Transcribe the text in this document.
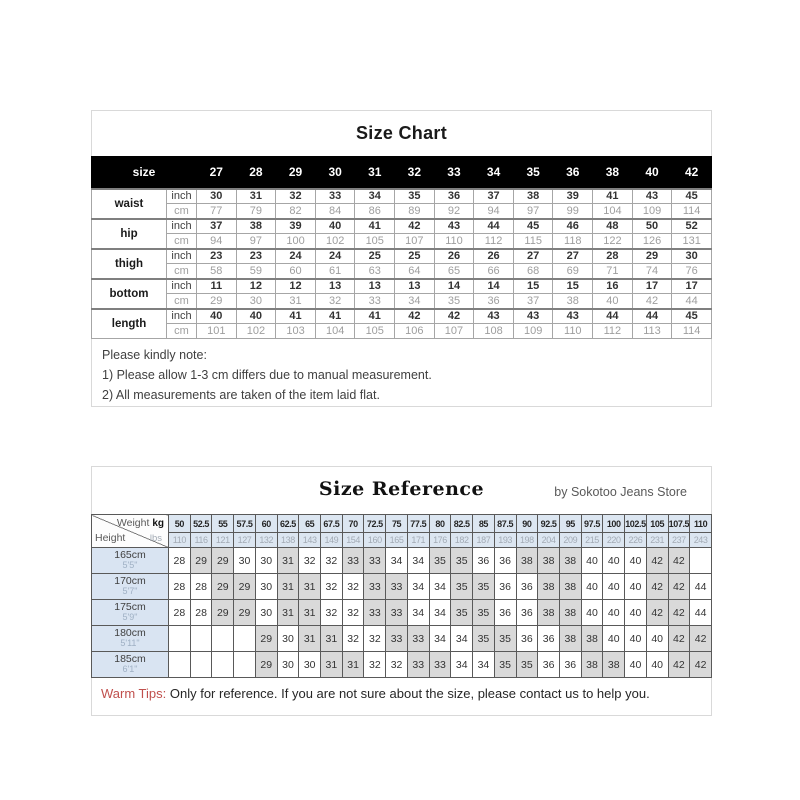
Size Chart
size		27	28	29	30	31	32	33	34	35	36	38	40	42
waist	inch	30	31	32	33	34	35	36	37	38	39	41	43	45
	cm	77	79	82	84	86	89	92	94	97	99	104	109	114
hip	inch	37	38	39	40	41	42	43	44	45	46	48	50	52
	cm	94	97	100	102	105	107	110	112	115	118	122	126	131
thigh	inch	23	23	24	24	25	25	26	26	27	27	28	29	30
	cm	58	59	60	61	63	64	65	66	68	69	71	74	76
bottom	inch	11	12	12	13	13	13	14	14	15	15	16	17	17
	cm	29	30	31	32	33	34	35	36	37	38	40	42	44
length	inch	40	40	41	41	41	42	42	43	43	43	44	44	45
	cm	101	102	103	104	105	106	107	108	109	110	112	113	114
Please kindly note:
1) Please allow 1-3 cm differs due to manual measurement.
2) All measurements are taken of the item laid flat.
Size Reference	by Sokotoo Jeans Store
Weight kg
Height lbs	50	52.5	55	57.5	60	62.5	65	67.5	70	72.5	75	77.5	80	82.5	85	87.5	90	92.5	95	97.5	100	102.5	105	107.5	110
	110	116	121	127	132	138	143	149	154	160	165	171	176	182	187	193	198	204	209	215	220	226	231	237	243

165cm
5'5"	28	29	29	30	30	31	32	32	33	33	34	34	35	35	36	36	38	38	38	40	40	40	42	42	

170cm
5'7"	28	28	29	29	30	31	31	32	32	33	33	34	34	35	35	36	36	38	38	40	40	40	42	42	44

175cm
5'9"	28	28	29	29	30	31	31	32	32	33	33	34	34	35	35	36	36	38	38	40	40	40	42	42	44

180cm
5'11"					29	30	31	31	32	32	33	33	34	34	35	35	36	36	38	38	40	40	40	42	42

185cm
6'1"					29	30	30	31	31	32	32	33	33	34	34	35	35	36	36	38	38	40	40	42	42
Warm Tips: Only for reference. If you are not sure about the size, please contact us to help you.
